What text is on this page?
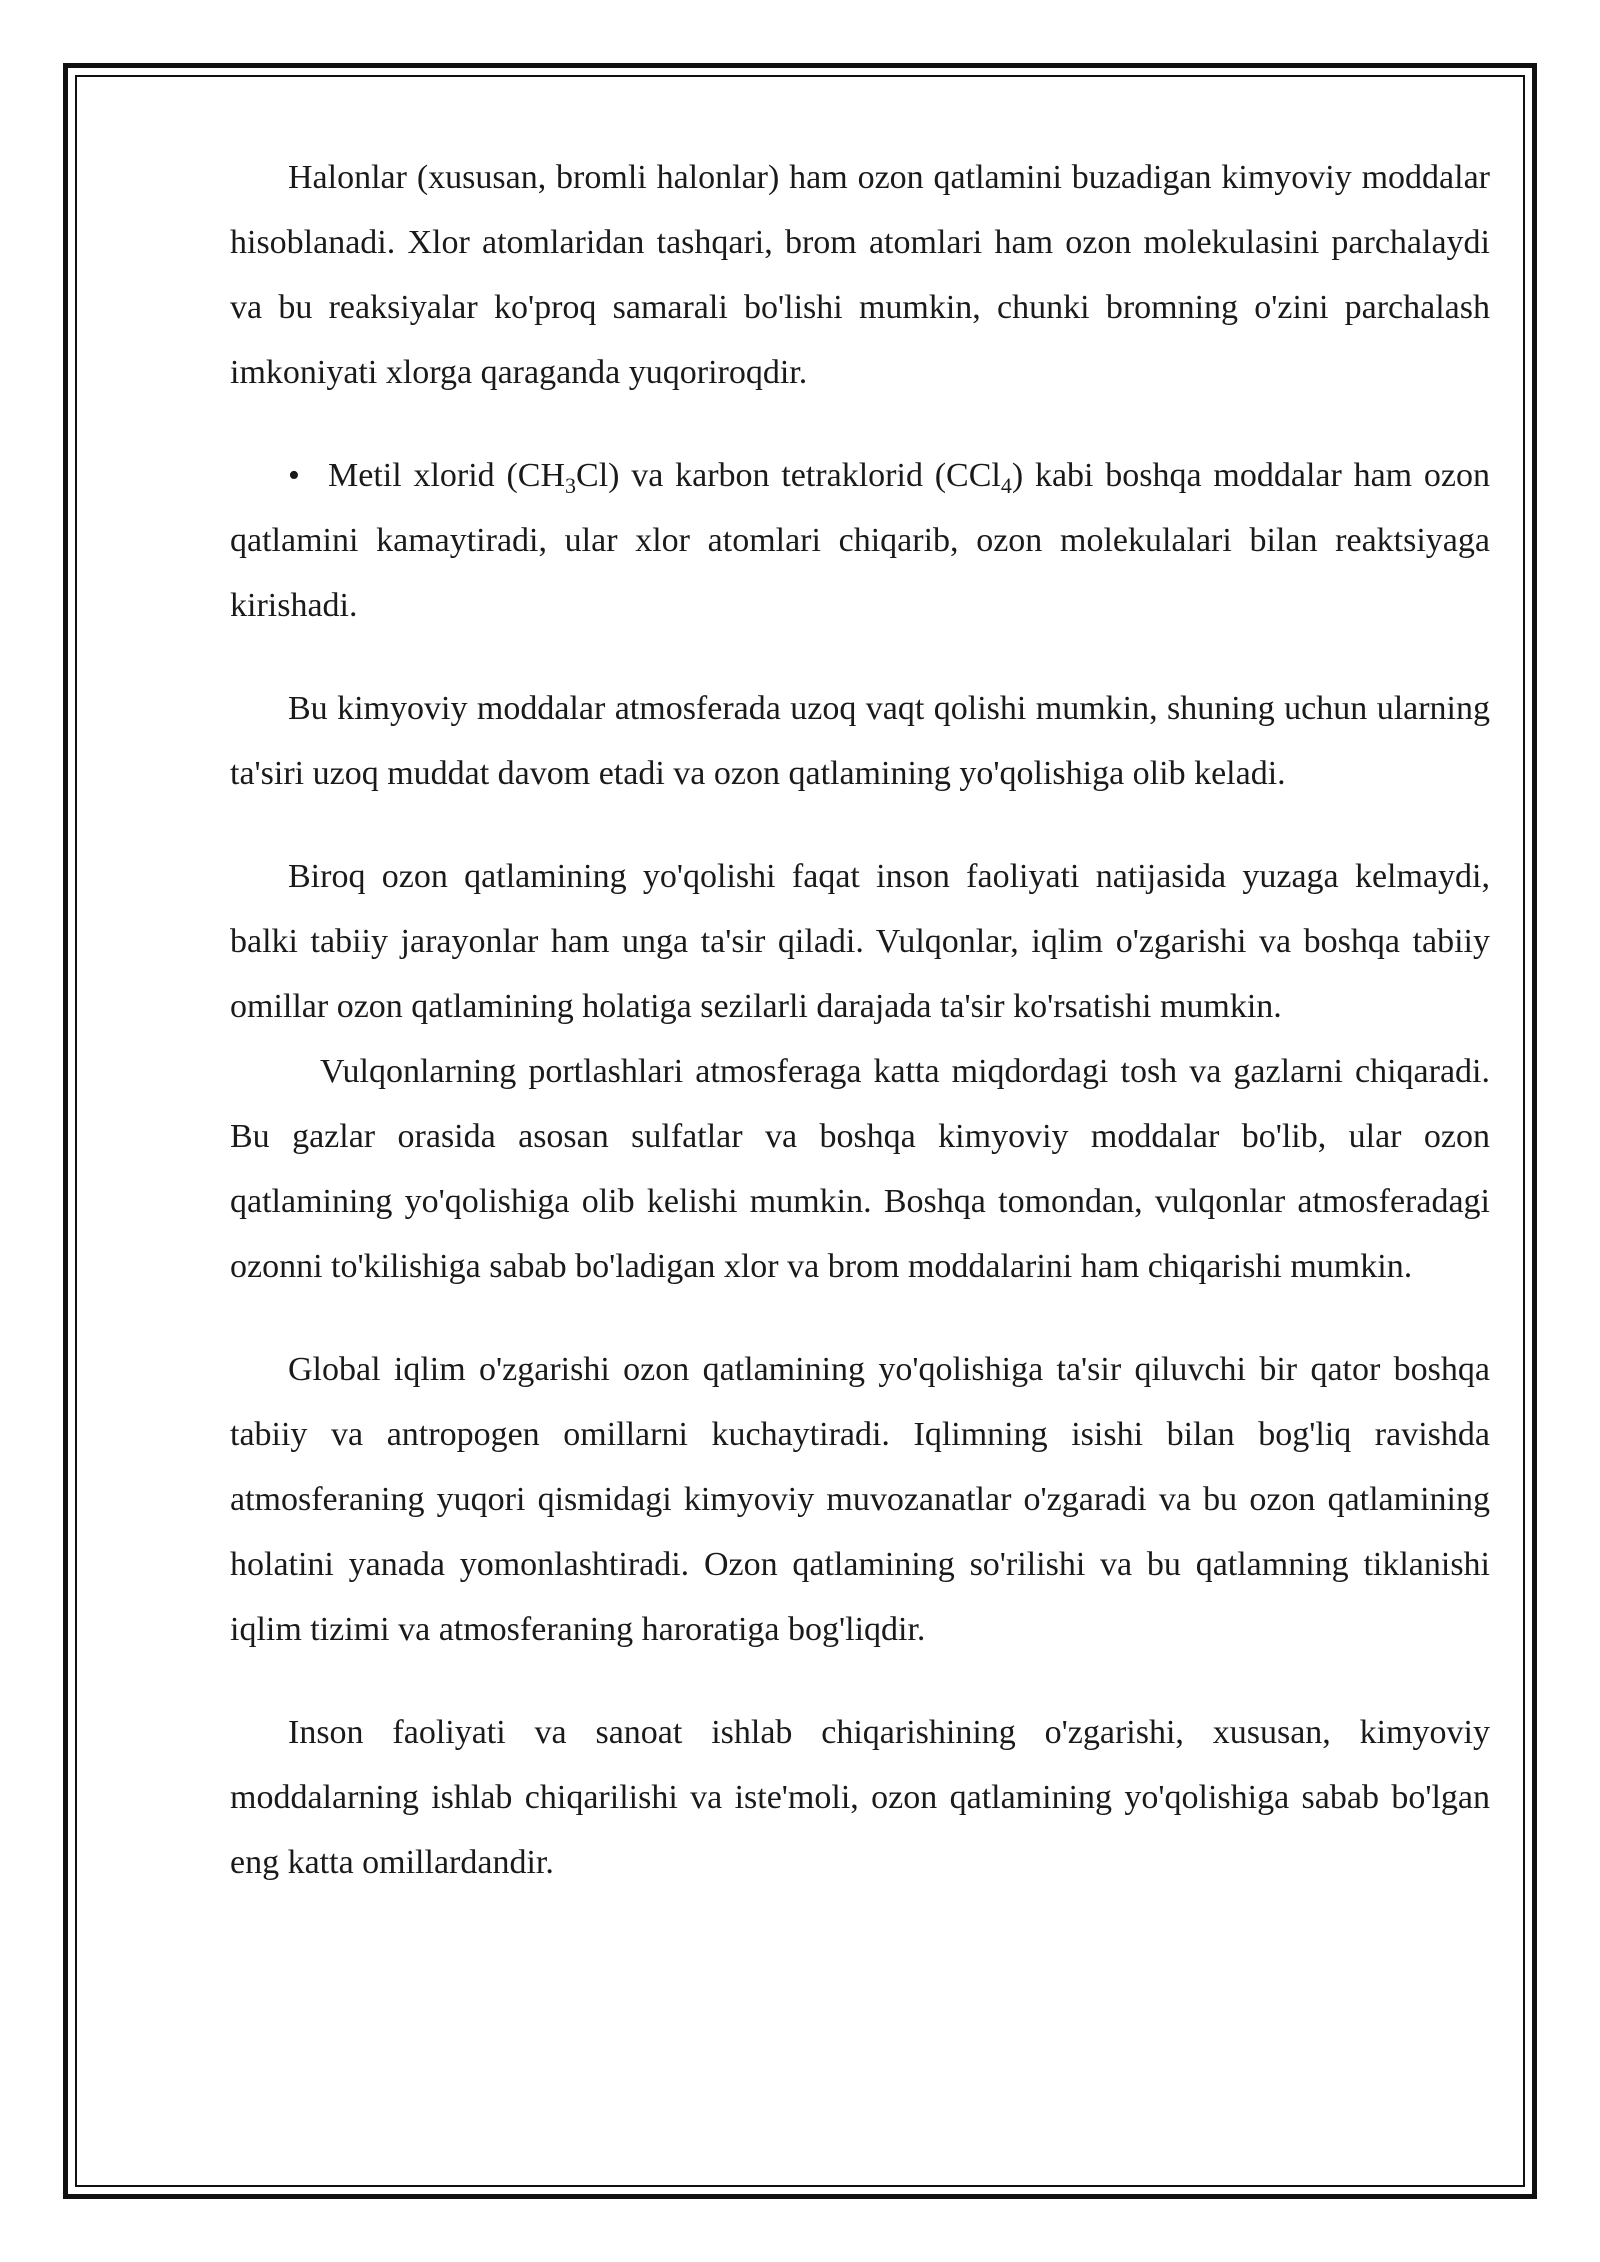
Halonlar (xususan, bromli halonlar) ham ozon qatlamini buzadigan kimyoviy moddalar hisoblanadi. Xlor atomlaridan tashqari, brom atomlari ham ozon molekulasini parchalaydi va bu reaksiyalar ko'proq samarali bo'lishi mumkin, chunki bromning o'zini parchalash imkoniyati xlorga qaraganda yuqoriroqdir.

• Metil xlorid $(CH_3Cl)$ va karbon tetraklorid (CCl$_4$) kabi boshqa moddalar ham ozon qatlamini kamaytiradi, ular xlor atomlari chiqarib, ozon molekulalari bilan reaktsiyaga kirishadi.

Bu kimyoviy moddalar atmosferada uzoq vaqt qolishi mumkin, shuning uchun ularning ta'siri uzoq muddat davom etadi va ozon qatlamining yo'qolishiga olib keladi.

Biroq ozon qatlamining yo'qolishi faqat inson faoliyati natijasida yuzaga kelmaydi, balki tabiiy jarayonlar ham unga ta'sir qiladi. Vulqonlar, iqlim o'zgarishi va boshqa tabiiy omillar ozon qatlamining holatiga sezilarli darajada ta'sir ko'rsatishi mumkin.

Vulqonlarning portlashlari atmosferaga katta miqdordagi tosh va gazlarni chiqaradi. Bu gazlar orasida asosan sulfatlar va boshqa kimyoviy moddalar bo'lib, ular ozon qatlamining yo'qolishiga olib kelishi mumkin. Boshqa tomondan, vulqonlar atmosferadagi ozonni to'kilishiga sabab bo'ladigan xlor va brom moddalarini ham chiqarishi mumkin.

Global iqlim o'zgarishi ozon qatlamining yo'qolishiga ta'sir qiluvchi bir qator boshqa tabiiy va antropogen omillarni kuchaytiradi. Iqlimning isishi bilan bog'liq ravishda atmosferaning yuqori qismidagi kimyoviy muvozanatlar o'zgaradi va bu ozon qatlamining holatini yanada yomonlashtiradi. Ozon qatlamining so'rilishi va bu qatlamning tiklanishi iqlim tizimi va atmosferaning haroratiga bog'liqdir.

Inson faoliyati va sanoat ishlab chiqarishining o'zgarishi, xususan, kimyoviy moddalarning ishlab chiqarilishi va iste'moli, ozon qatlamining yo'qolishiga sabab bo'lgan eng katta omillardandir.
